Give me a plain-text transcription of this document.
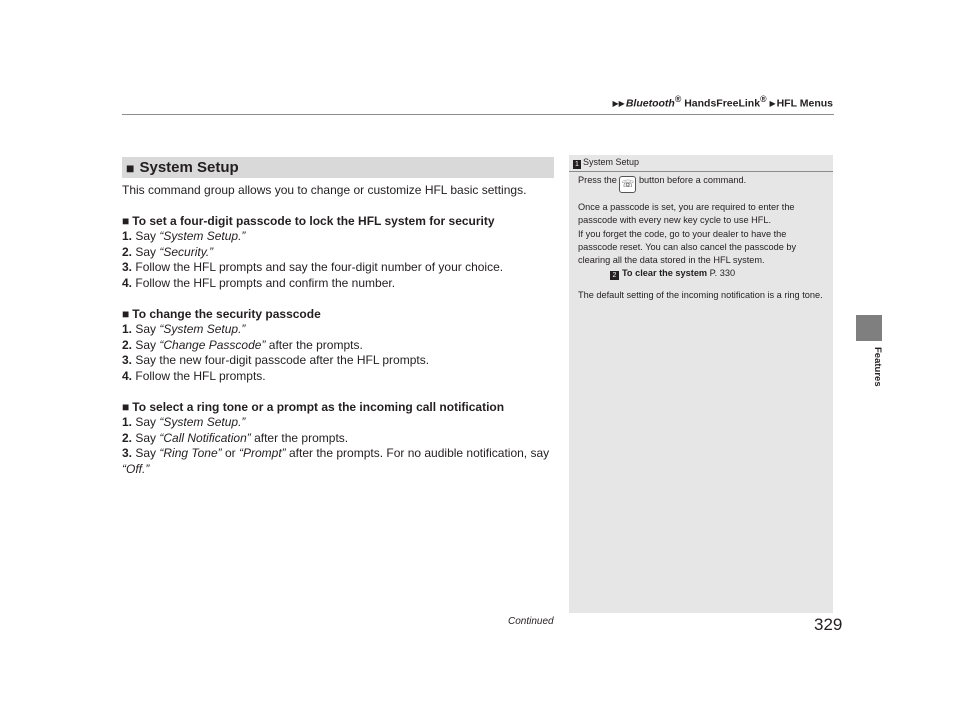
▶▶Bluetooth® HandsFreeLink® ▶HFL Menus
■ System Setup

This command group allows you to change or customize HFL basic settings.

■ To set a four-digit passcode to lock the HFL system for security

1. Say “System Setup.”

2. Say “Security.”

3. Follow the HFL prompts and say the four-digit number of your choice.

4. Follow the HFL prompts and confirm the number.

■ To change the security passcode

1. Say “System Setup.”

2. Say “Change Passcode” after the prompts.

3. Say the new four-digit passcode after the HFL prompts.

4. Follow the HFL prompts.

■ To select a ring tone or a prompt as the incoming call notification

1. Say “System Setup.”

2. Say “Call Notification” after the prompts.

3. Say “Ring Tone” or “Prompt” after the prompts. For no audible notification, say
“Off.”

1 System Setup

Press the ☏ button before a command.

Once a passcode is set, you are required to enter the passcode with every new key cycle to use HFL.

If you forget the code, go to your dealer to have the passcode reset. You can also cancel the passcode by clearing all the data stored in the HFL system.

2 To clear the system P. 330

The default setting of the incoming notification is a ring tone.

Features
Continued	329
